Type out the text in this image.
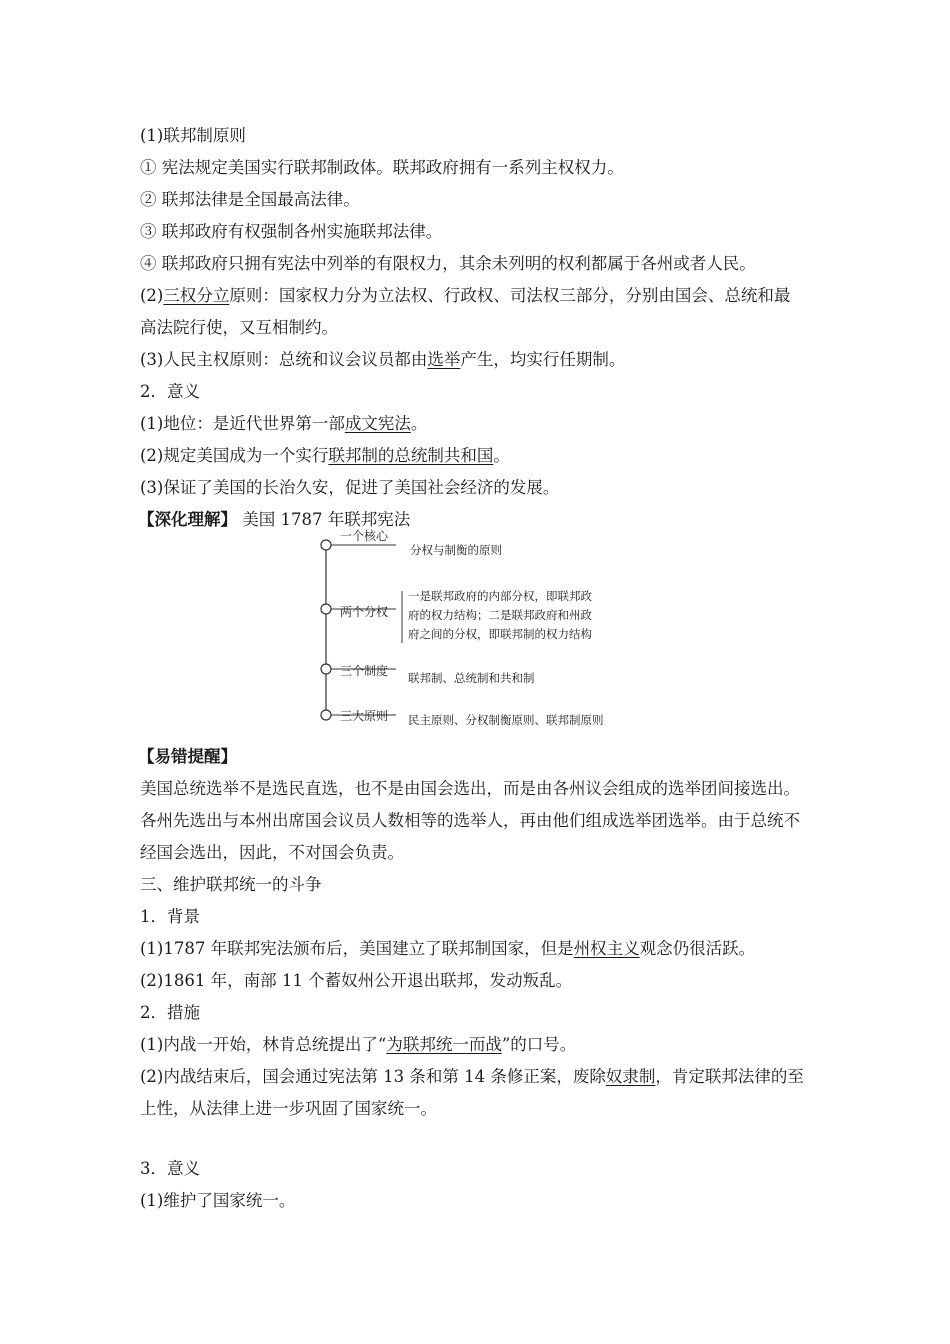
(1)联邦制原则
① 宪法规定美国实行联邦制政体。联邦政府拥有一系列主权权力。
② 联邦法律是全国最高法律。
③ 联邦政府有权强制各州实施联邦法律。
④ 联邦政府只拥有宪法中列举的有限权力，其余未列明的权利都属于各州或者人民。
(2)三权分立原则：国家权力分为立法权、行政权、司法权三部分，分别由国会、总统和最
高法院行使，又互相制约。
(3)人民主权原则：总统和议会议员都由选举产生，均实行任期制。
2．意义
(1)地位：是近代世界第一部成文宪法。
(2)规定美国成为一个实行联邦制的总统制共和国。
(3)保证了美国的长治久安，促进了美国社会经济的发展。
【深化理解】 美国 1787 年联邦宪法
一个核心
分权与制衡的原则
两个分权
一是联邦政府的内部分权，即联邦政
府的权力结构；二是联邦政府和州政
府之间的分权，即联邦制的权力结构
三个制度 联邦制、总统制和共和制
三大原则 民主原则、分权制衡原则、联邦制原则
【易错提醒】
美国总统选举不是选民直选，也不是由国会选出，而是由各州议会组成的选举团间接选出。
各州先选出与本州出席国会议员人数相等的选举人，再由他们组成选举团选举。由于总统不
经国会选出，因此，不对国会负责。
三、维护联邦统一的斗争
1．背景
(1)1787 年联邦宪法颁布后，美国建立了联邦制国家，但是州权主义观念仍很活跃。
(2)1861 年，南部 11 个蓄奴州公开退出联邦，发动叛乱。
2．措施
(1)内战一开始，林肯总统提出了“为联邦统一而战”的口号。
(2)内战结束后，国会通过宪法第 13 条和第 14 条修正案，废除奴隶制，肯定联邦法律的至
上性，从法律上进一步巩固了国家统一。
3．意义
(1)维护了国家统一。
